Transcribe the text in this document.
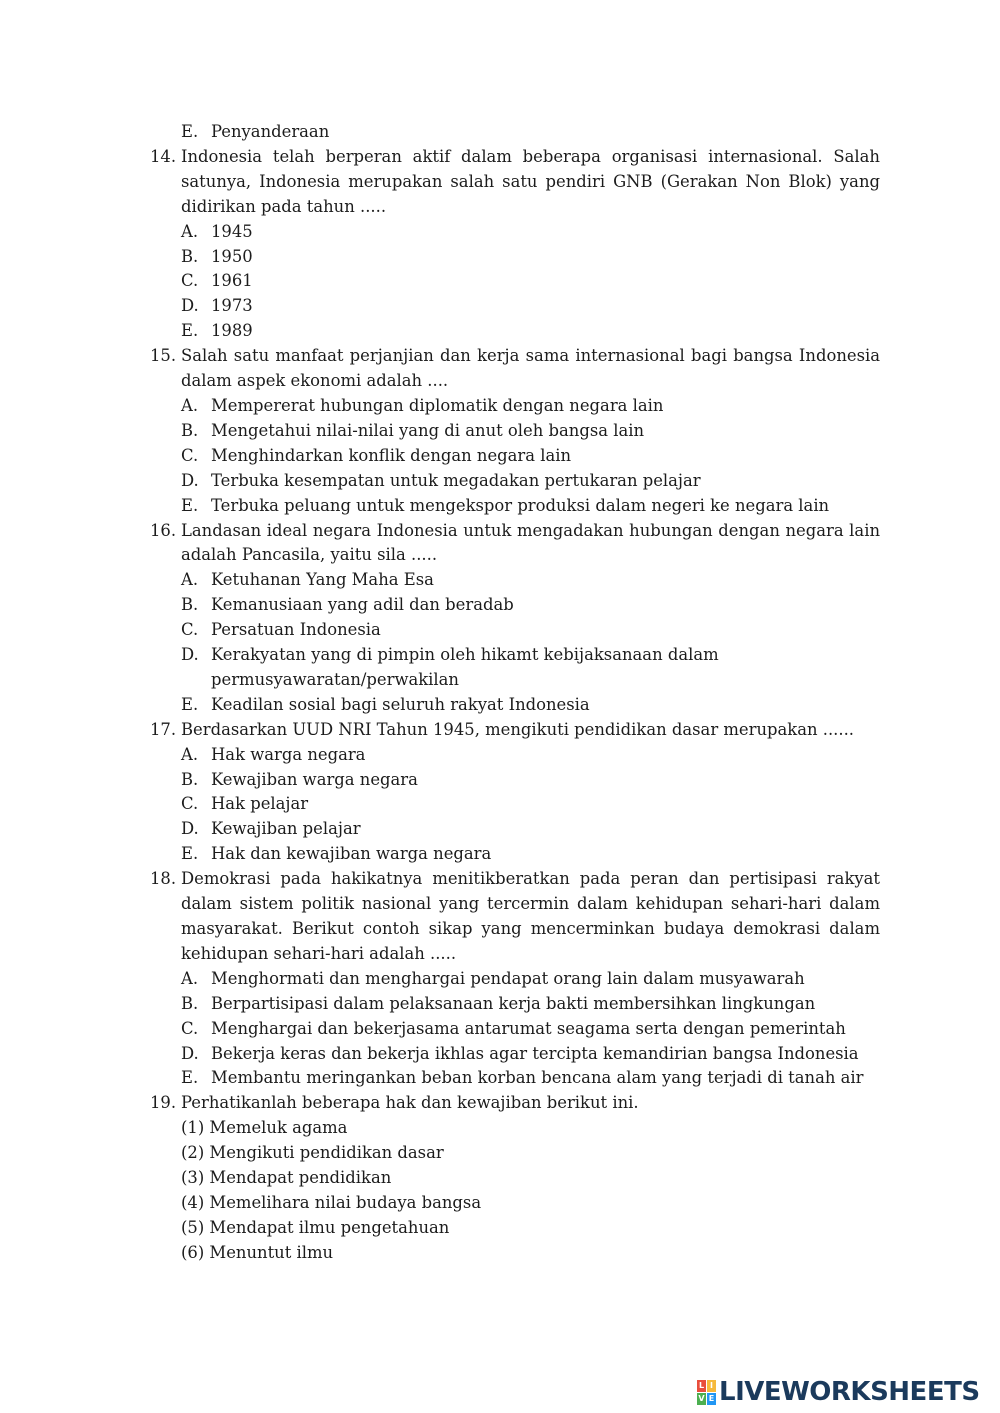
E. Penyanderaan
14. Indonesia telah berperan aktif dalam beberapa organisasi internasional. Salah satunya, Indonesia merupakan salah satu pendiri GNB (Gerakan Non Blok) yang didirikan pada tahun .....
A. 1945
B. 1950
C. 1961
D. 1973
E. 1989
15. Salah satu manfaat perjanjian dan kerja sama internasional bagi bangsa Indonesia dalam aspek ekonomi adalah ....
A. Mempererat hubungan diplomatik dengan negara lain
B. Mengetahui nilai-nilai yang di anut oleh bangsa lain
C. Menghindarkan konflik dengan negara lain
D. Terbuka kesempatan untuk megadakan pertukaran pelajar
E. Terbuka peluang untuk mengekspor produksi dalam negeri ke negara lain
16. Landasan ideal negara Indonesia untuk mengadakan hubungan dengan negara lain adalah Pancasila, yaitu sila .....
A. Ketuhanan Yang Maha Esa
B. Kemanusiaan yang adil dan beradab
C. Persatuan Indonesia
D. Kerakyatan yang di pimpin oleh hikamt kebijaksanaan dalam permusyawaratan/perwakilan
E. Keadilan sosial bagi seluruh rakyat Indonesia
17. Berdasarkan UUD NRI Tahun 1945, mengikuti pendidikan dasar merupakan ......
A. Hak warga negara
B. Kewajiban warga negara
C. Hak pelajar
D. Kewajiban pelajar
E. Hak dan kewajiban warga negara
18. Demokrasi pada hakikatnya menitikberatkan pada peran dan pertisipasi rakyat dalam sistem politik nasional yang tercermin dalam kehidupan sehari-hari dalam masyarakat. Berikut contoh sikap yang mencerminkan budaya demokrasi dalam kehidupan sehari-hari adalah .....
A. Menghormati dan menghargai pendapat orang lain dalam musyawarah
B. Berpartisipasi dalam pelaksanaan kerja bakti membersihkan lingkungan
C. Menghargai dan bekerjasama antarumat seagama serta dengan pemerintah
D. Bekerja keras dan bekerja ikhlas agar tercipta kemandirian bangsa Indonesia
E. Membantu meringankan beban korban bencana alam yang terjadi di tanah air
19. Perhatikanlah beberapa hak dan kewajiban berikut ini.
(1) Memeluk agama
(2) Mengikuti pendidikan dasar
(3) Mendapat pendidikan
(4) Memelihara nilai budaya bangsa
(5) Mendapat ilmu pengetahuan
(6) Menuntut ilmu
L I
V E LIVEWORKSHEETS
